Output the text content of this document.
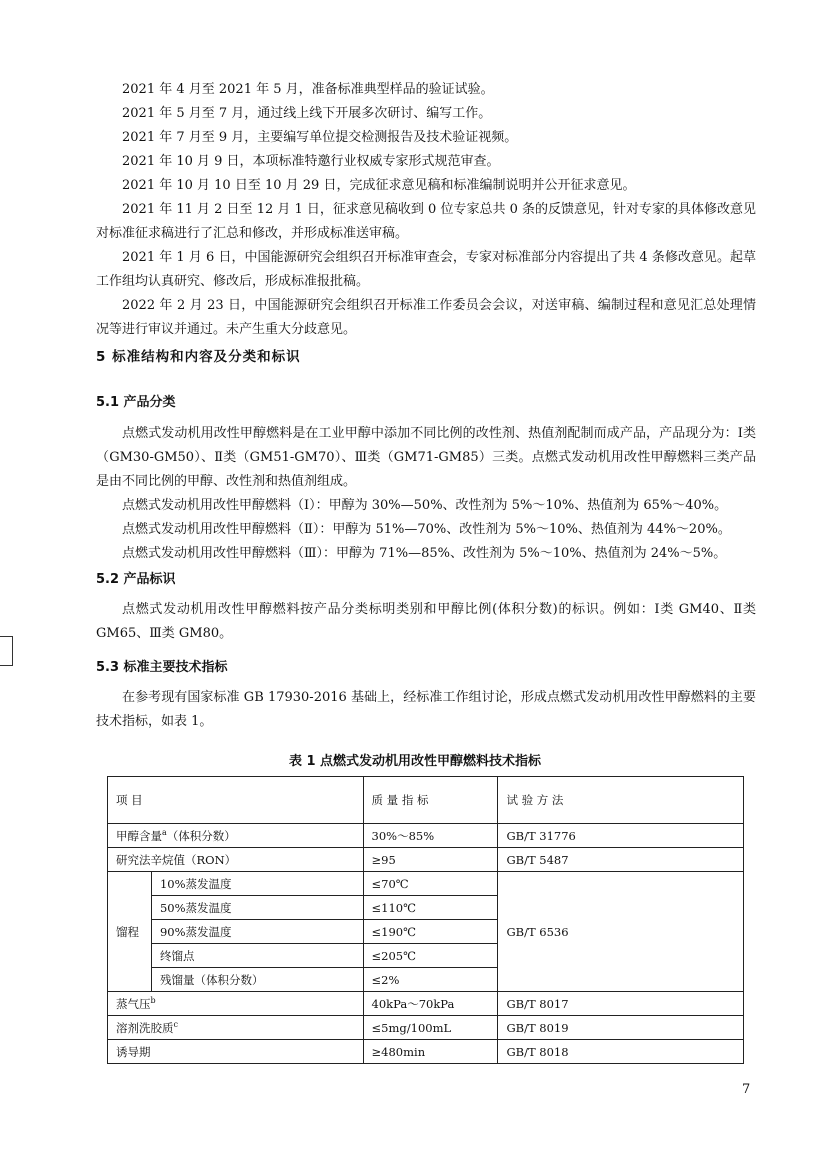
2021 年 4 月至 2021 年 5 月，准备标准典型样品的验证试验。

2021 年 5 月至 7 月，通过线上线下开展多次研讨、编写工作。

2021 年 7 月至 9 月，主要编写单位提交检测报告及技术验证视频。

2021 年 10 月 9 日，本项标准特邀行业权威专家形式规范审查。

2021 年 10 月 10 日至 10 月 29 日，完成征求意见稿和标准编制说明并公开征求意见。

2021 年 11 月 2 日至 12 月 1 日，征求意见稿收到 0 位专家总共 0 条的反馈意见，针对专家的具体修改意见对标准征求稿进行了汇总和修改，并形成标准送审稿。

2021 年 1 月 6 日，中国能源研究会组织召开标准审查会，专家对标准部分内容提出了共 4 条修改意见。起草工作组均认真研究、修改后，形成标准报批稿。

2022 年 2 月 23 日，中国能源研究会组织召开标准工作委员会会议，对送审稿、编制过程和意见汇总处理情况等进行审议并通过。未产生重大分歧意见。

5 标准结构和内容及分类和标识
5.1 产品分类

点燃式发动机用改性甲醇燃料是在工业甲醇中添加不同比例的改性剂、热值剂配制而成产品，产品现分为：Ⅰ类（GM30-GM50）、Ⅱ类（GM51-GM70）、Ⅲ类（GM71-GM85）三类。点燃式发动机用改性甲醇燃料三类产品是由不同比例的甲醇、改性剂和热值剂组成。

点燃式发动机用改性甲醇燃料（Ⅰ）：甲醇为 30%—50%、改性剂为 5%～10%、热值剂为 65%～40%。

点燃式发动机用改性甲醇燃料（Ⅱ）：甲醇为 51%—70%、改性剂为 5%～10%、热值剂为 44%～20%。

点燃式发动机用改性甲醇燃料（Ⅲ）：甲醇为 71%—85%、改性剂为 5%～10%、热值剂为 24%～5%。

5.2 产品标识

点燃式发动机用改性甲醇燃料按产品分类标明类别和甲醇比例(体积分数)的标识。例如：Ⅰ类 GM40、Ⅱ类 GM65、Ⅲ类 GM80。

5.3 标准主要技术指标

在参考现有国家标准 GB 17930-2016 基础上，经标准工作组讨论，形成点燃式发动机用改性甲醇燃料的主要技术指标，如表 1。

表 1 点燃式发动机用改性甲醇燃料技术指标
项 目		质 量 指 标	试 验 方 法
甲醇含量$^a$（体积分数）		30%～85%	GB/T 31776
研究法辛烷值（RON）		≥95	GB/T 5487
馏程	10%蒸发温度	≤70℃	GB/T 6536
	50%蒸发温度	≤110℃	
	90%蒸发温度	≤190℃	
	终馏点	≤205℃	
	残馏量（体积分数）	≤2%	
蒸气压$^b$		40kPa～70kPa	GB/T 8017
溶剂洗胶质$^c$		≤5mg/100mL	GB/T 8019
诱导期		≥480min	GB/T 8018
7
